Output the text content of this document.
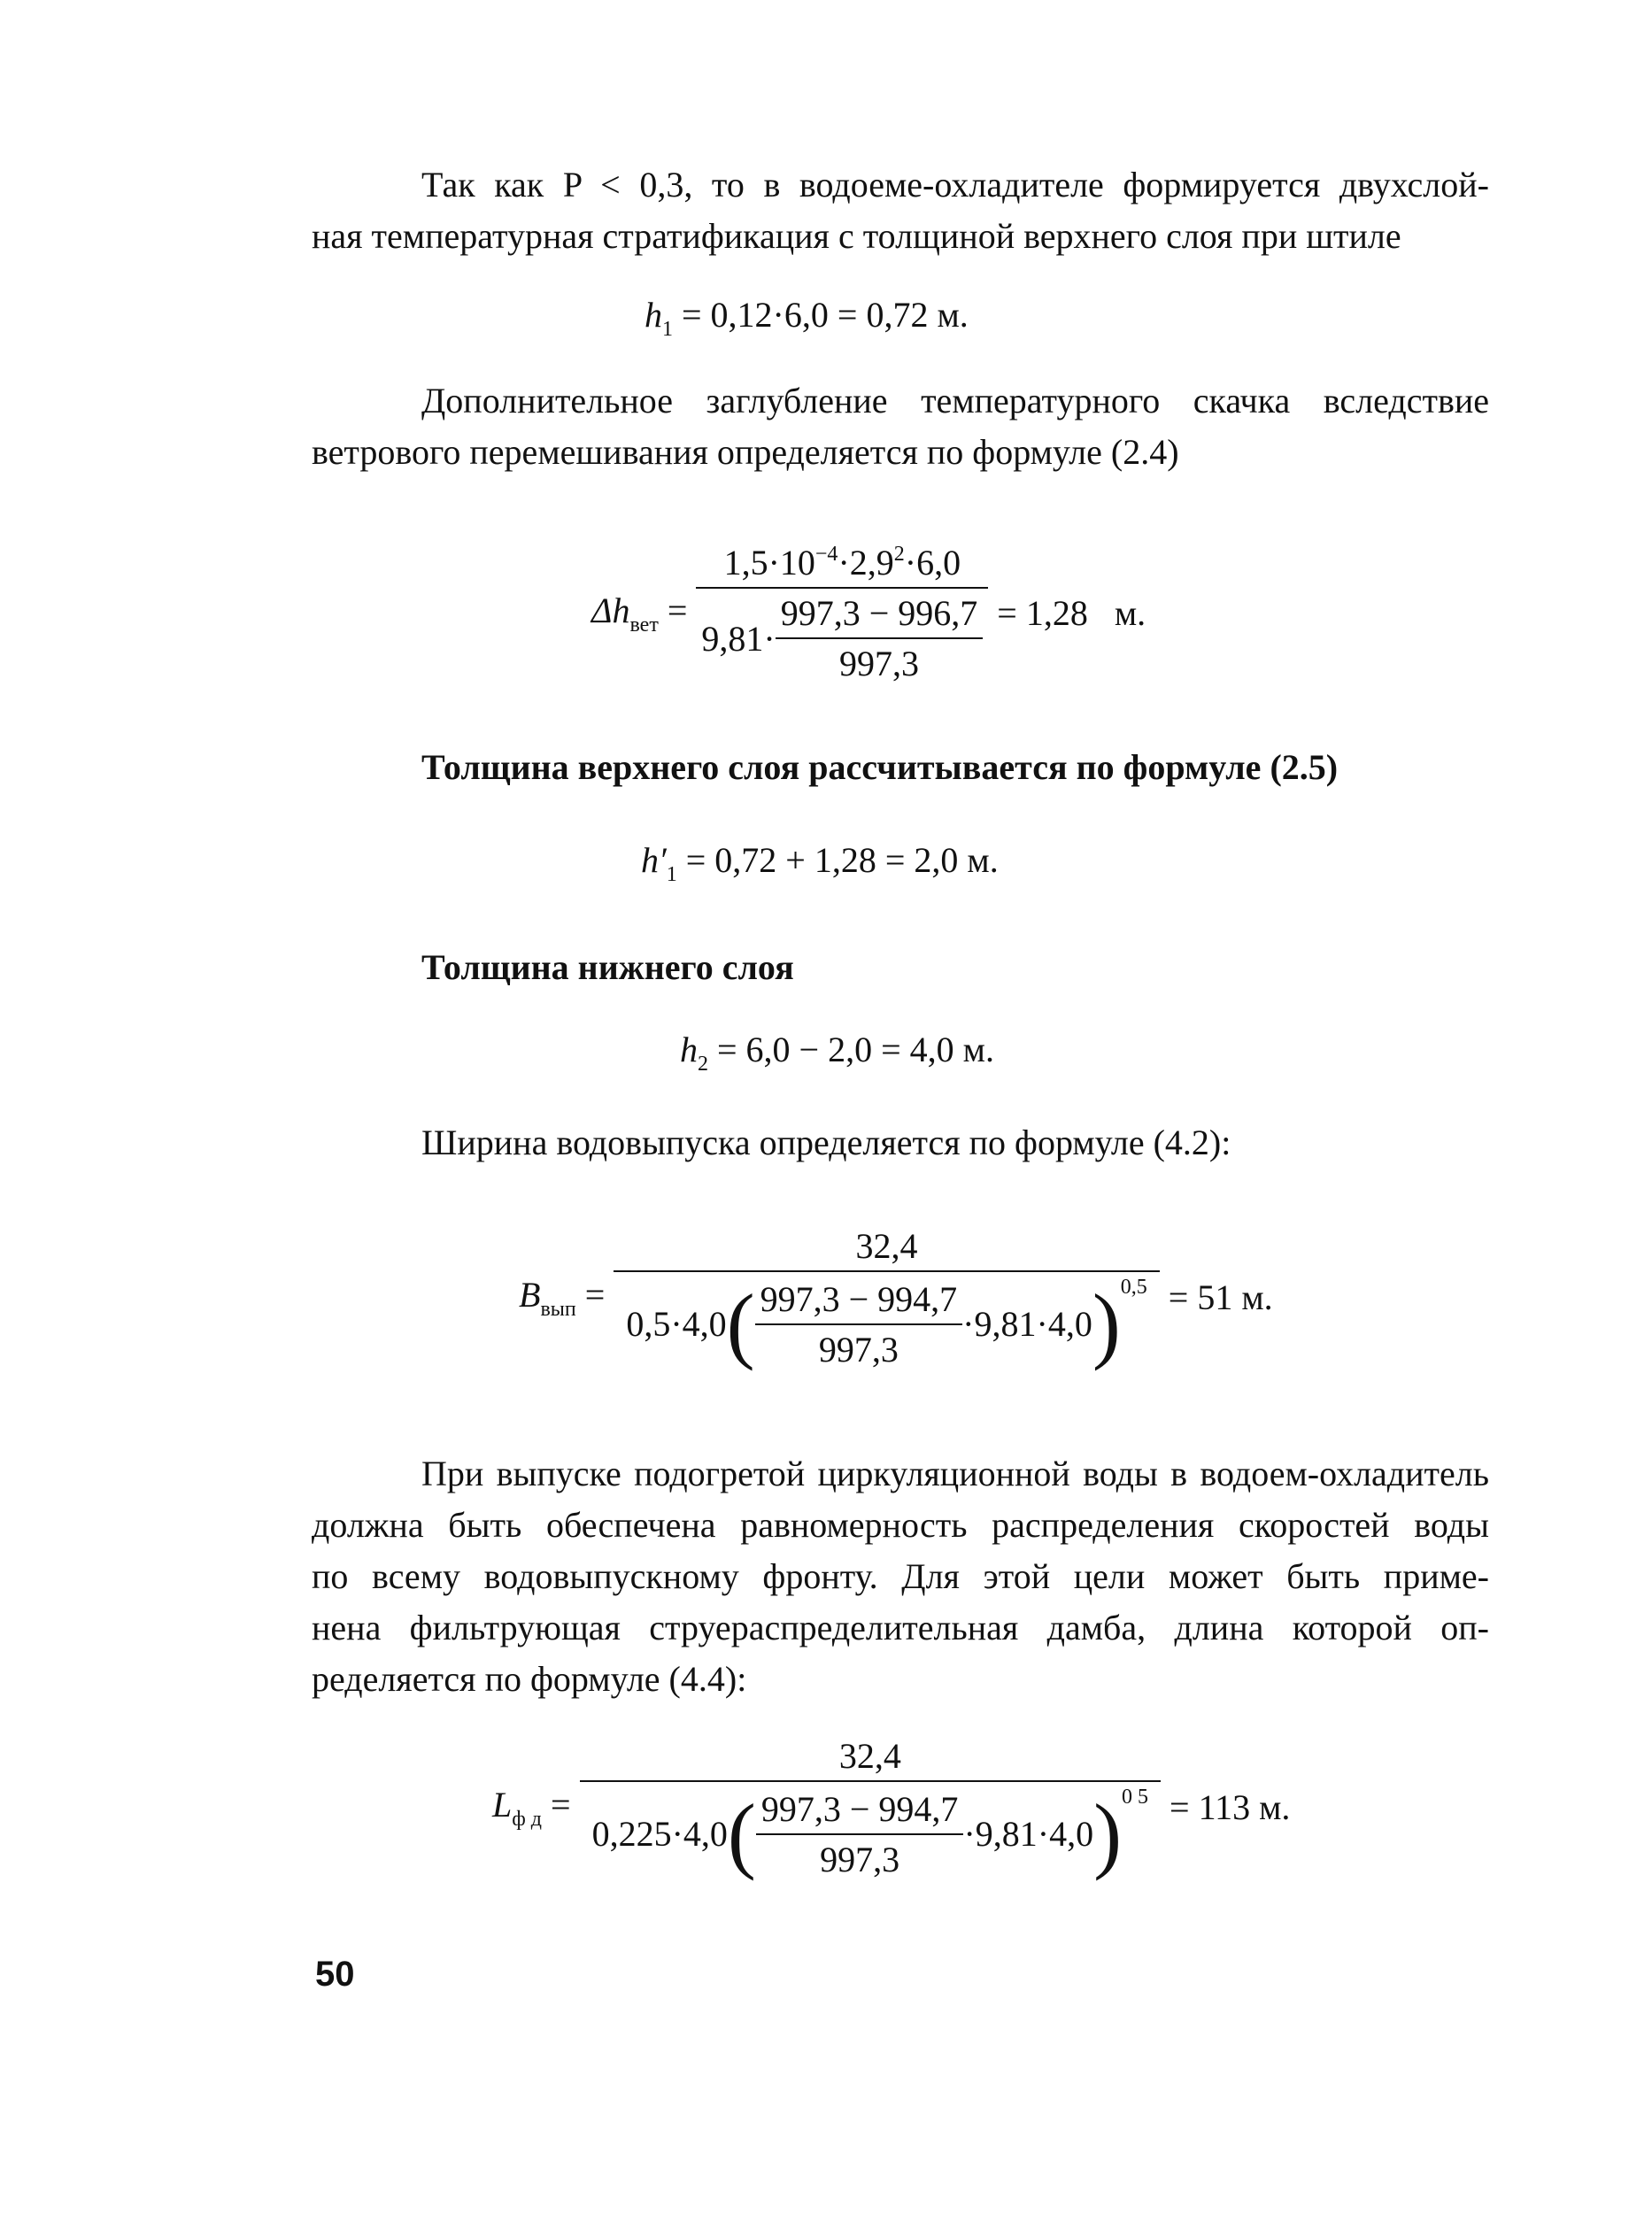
Так как P < 0,3, то в водоеме-охладителе формируется двухслой-
ная температурная стратификация с толщиной верхнего слоя при штиле
$h_1 = 0,12\cdot 6,0 = 0,72$ м.
Дополнительное заглубление температурного скачка вследствие
ветрового перемешивания определяется по формуле (2.4)
$\Delta h_{вет} = \frac{1,5\cdot 10^{-4}\cdot 2,9^2\cdot 6,0}{9,81\cdot \frac{997,3 - 996,7}{997,3}} = 1,28$ м.
Толщина верхнего слоя рассчитывается по формуле (2.5)
$h'_1 = 0,72 + 1,28 = 2,0$ м.
Толщина нижнего слоя
$h_2 = 6,0 - 2,0 = 4,0$ м.
Ширина водовыпуска определяется по формуле (4.2):
$B_{вып}$ =
32,4
$0,5\cdot 4,0( \frac{997,3 - 994,7}{997,3} \cdot 9,81\cdot 4,0)^{0,5} = 51$ м.
При выпуске подогретой циркуляционной воды в водоем-охладитель
должна быть обеспечена равномерность распределения скоростей воды
по всему водовыпускному фронту. Для этой цели может быть приме-
нена фильтрующая струераспределительная дамба, длина которой оп-
ределяется по формуле (4.4):
$L_{ф д}$ =
32,4
$0,225\cdot 4,0( \frac{997,3 - 994,7}{997,3} \cdot 9,81\cdot 4,0)^{0 5} = 113$ м.
50
